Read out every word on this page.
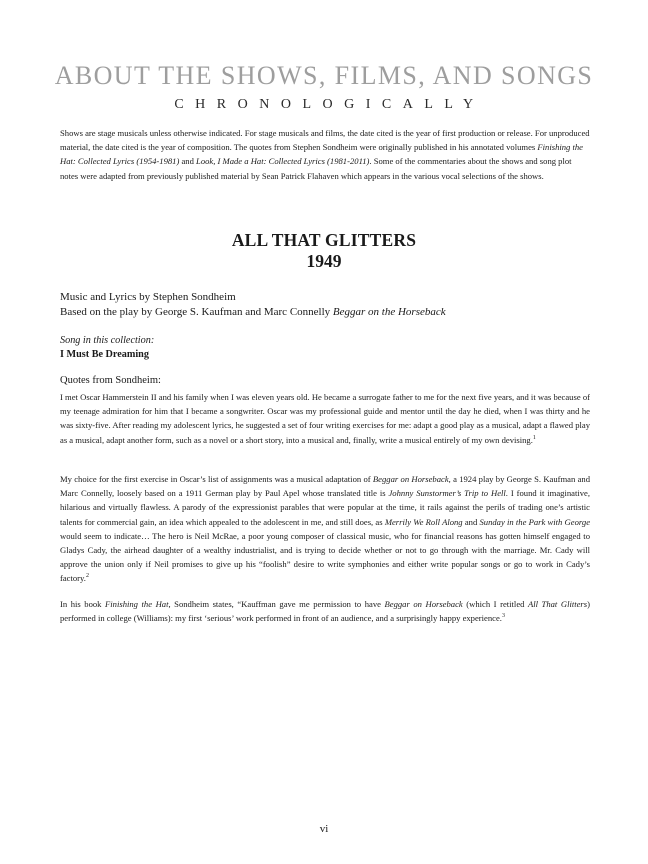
ABOUT THE SHOWS, FILMS, AND SONGS
CHRONOLOGICALLY

Shows are stage musicals unless otherwise indicated. For stage musicals and films, the date cited is the year of first production or release. For unproduced material, the date cited is the year of composition. The quotes from Stephen Sondheim were originally published in his annotated volumes Finishing the Hat: Collected Lyrics (1954-1981) and Look, I Made a Hat: Collected Lyrics (1981-2011). Some of the commentaries about the shows and song plot notes were adapted from previously published material by Sean Patrick Flahaven which appears in the various vocal selections of the shows.

ALL THAT GLITTERS
1949
Music and Lyrics by Stephen Sondheim
Based on the play by George S. Kaufman and Marc Connelly Beggar on the Horseback
Song in this collection:
I Must Be Dreaming
Quotes from Sondheim:

I met Oscar Hammerstein II and his family when I was eleven years old. He became a surrogate father to me for the next five years, and it was because of my teenage admiration for him that I became a songwriter. Oscar was my professional guide and mentor until the day he died, when I was thirty and he was sixty-five. After reading my adolescent lyrics, he suggested a set of four writing exercises for me: adapt a good play as a musical, adapt a flawed play as a musical, adapt another form, such as a novel or a short story, into a musical and, finally, write a musical entirely of my own devising.$^1$

My choice for the first exercise in Oscar’s list of assignments was a musical adaptation of Beggar on Horseback, a 1924 play by George S. Kaufman and Marc Connelly, loosely based on a 1911 German play by Paul Apel whose translated title is Johnny Sunstormer’s Trip to Hell. I found it imaginative, hilarious and virtually flawless. A parody of the expressionist parables that were popular at the time, it rails against the perils of trading one’s artistic talents for commercial gain, an idea which appealed to the adolescent in me, and still does, as Merrily We Roll Along and Sunday in the Park with George would seem to indicate… The hero is Neil McRae, a poor young composer of classical music, who for financial reasons has gotten himself engaged to Gladys Cady, the airhead daughter of a wealthy industrialist, and is trying to decide whether or not to go through with the marriage. Mr. Cady will approve the union only if Neil promises to give up his “foolish” desire to write symphonies and either write popular songs or go to work in Cady’s factory.$^2$

In his book Finishing the Hat, Sondheim states, “Kauffman gave me permission to have Beggar on Horseback (which I retitled All That Glitters) performed in college (Williams): my first ‘serious’ work performed in front of an audience, and a surprisingly happy experience.$^3$

vi
